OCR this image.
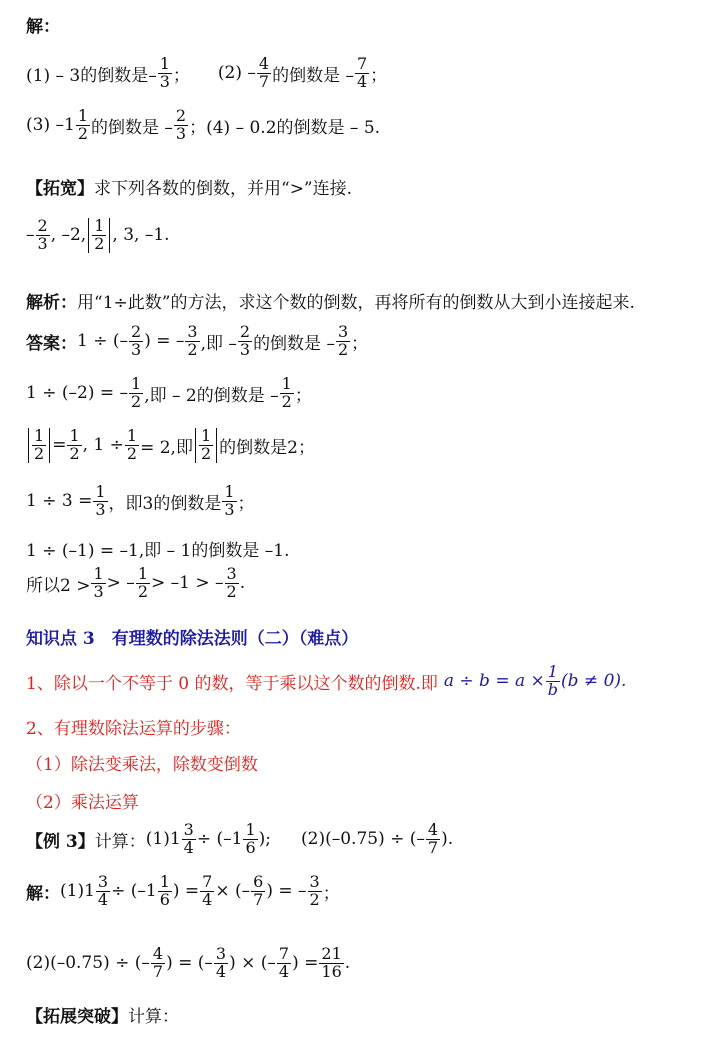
解：
(1) – 3的倒数是– $\frac{1}{3}$ ； $(2) - \frac{4}{7}$ 的倒数是 – $\frac{7}{4}$ ；
(3) $-1 \frac{1}{2}$ 的倒数是 – $\frac{2}{3}$ ；(4) – 0.2的倒数是 – 5.
【拓宽】 求下列各数的倒数，并用“>”连接.
– $\frac{2}{3}$ , –2, $\frac{1}{2}$ , 3, –1.
解析： 用“1÷此数”的方法，求这个数的倒数，再将所有的倒数从大到小连接起来.
答案： 1 ÷ (– $\frac{2}{3}$ ) = – $\frac{3}{2}$ ,即 – $\frac{2}{3}$ 的倒数是 – $\frac{3}{2}$ ；
1 ÷ (–2) = – $\frac{1}{2}$ ,即 – 2的倒数是 – $\frac{1}{2}$ ；
$\frac{1}{2} = \frac{1}{2}$ , $1 \div \frac{1}{2} = 2$,即 $\frac{1}{2}$ 的倒数是2；
$1 \div 3 = \frac{1}{3}$ ，即3的倒数是 $\frac{1}{3}$ ；
1 ÷ (–1) = –1,即 – 1的倒数是 –1.
所以$2 > \frac{1}{3}$ > – $\frac{1}{2} > -1$ > – $\frac{3}{2}$ .
知识点 3　有理数的除法法则（二）（难点）
1、除以一个不等于 0 的数，等于乘以这个数的倒数.即 $a \div b = a \times \frac{1}{b} (b \ne 0)$.
2、有理数除法运算的步骤：
（1）除法变乘法，除数变倒数
（2）乘法运算
【例 3】 计算： $(1)1 \frac{3}{4} \div (-1 \frac{1}{6}$ ); (2)(–0.75) ÷ (– $\frac{4}{7}$ ).
解： $(1)1 \frac{3}{4} \div (-1 \frac{1}{6}$ ) = $\frac{7}{4}$ × (– $\frac{6}{7}$ ) = – $\frac{3}{2}$ ；
(2)(–0.75) ÷ (– $\frac{4}{7}$ ) = (– $\frac{3}{4}$ ) × (– $\frac{7}{4}$ ) = $\frac{21}{16}$ .
【拓展突破】 计算：
